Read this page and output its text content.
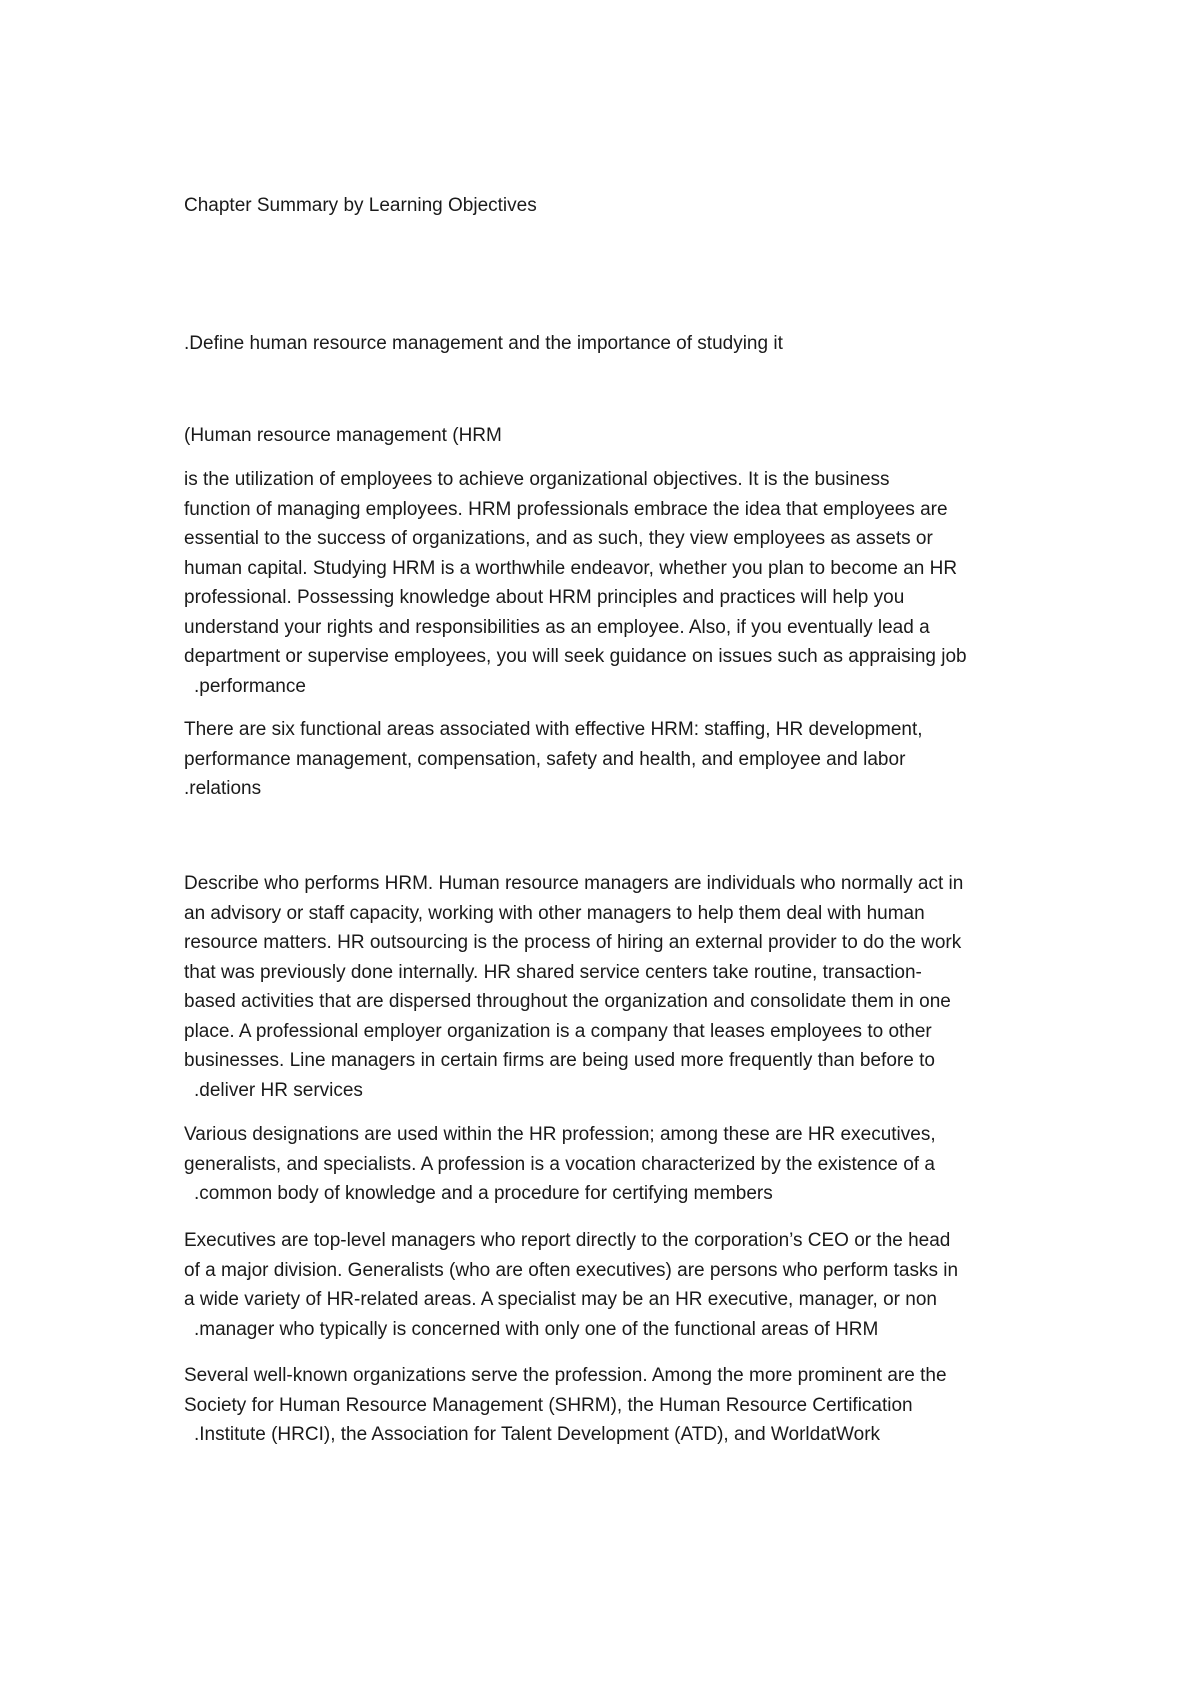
Chapter Summary by Learning Objectives
.Define human resource management and the importance of studying it
(Human resource management (HRM
is the utilization of employees to achieve organizational objectives. It is the business
function of managing employees. HRM professionals embrace the idea that employees are
essential to the success of organizations, and as such, they view employees as assets or
human capital. Studying HRM is a worthwhile endeavor, whether you plan to become an HR
professional. Possessing knowledge about HRM principles and practices will help you
understand your rights and responsibilities as an employee. Also, if you eventually lead a
department or supervise employees, you will seek guidance on issues such as appraising job
.performance
There are six functional areas associated with effective HRM: staffing, HR development,
performance management, compensation, safety and health, and employee and labor
.relations
Describe who performs HRM. Human resource managers are individuals who normally act in
an advisory or staff capacity, working with other managers to help them deal with human
resource matters. HR outsourcing is the process of hiring an external provider to do the work
that was previously done internally. HR shared service centers take routine, transaction-
based activities that are dispersed throughout the organization and consolidate them in one
place. A professional employer organization is a company that leases employees to other
businesses. Line managers in certain firms are being used more frequently than before to
.deliver HR services
Various designations are used within the HR profession; among these are HR executives,
generalists, and specialists. A profession is a vocation characterized by the existence of a
.common body of knowledge and a procedure for certifying members
Executives are top-level managers who report directly to the corporation’s CEO or the head
of a major division. Generalists (who are often executives) are persons who perform tasks in
a wide variety of HR-related areas. A specialist may be an HR executive, manager, or non
.manager who typically is concerned with only one of the functional areas of HRM
Several well-known organizations serve the profession. Among the more prominent are the
Society for Human Resource Management (SHRM), the Human Resource Certification
.Institute (HRCI), the Association for Talent Development (ATD), and WorldatWork
